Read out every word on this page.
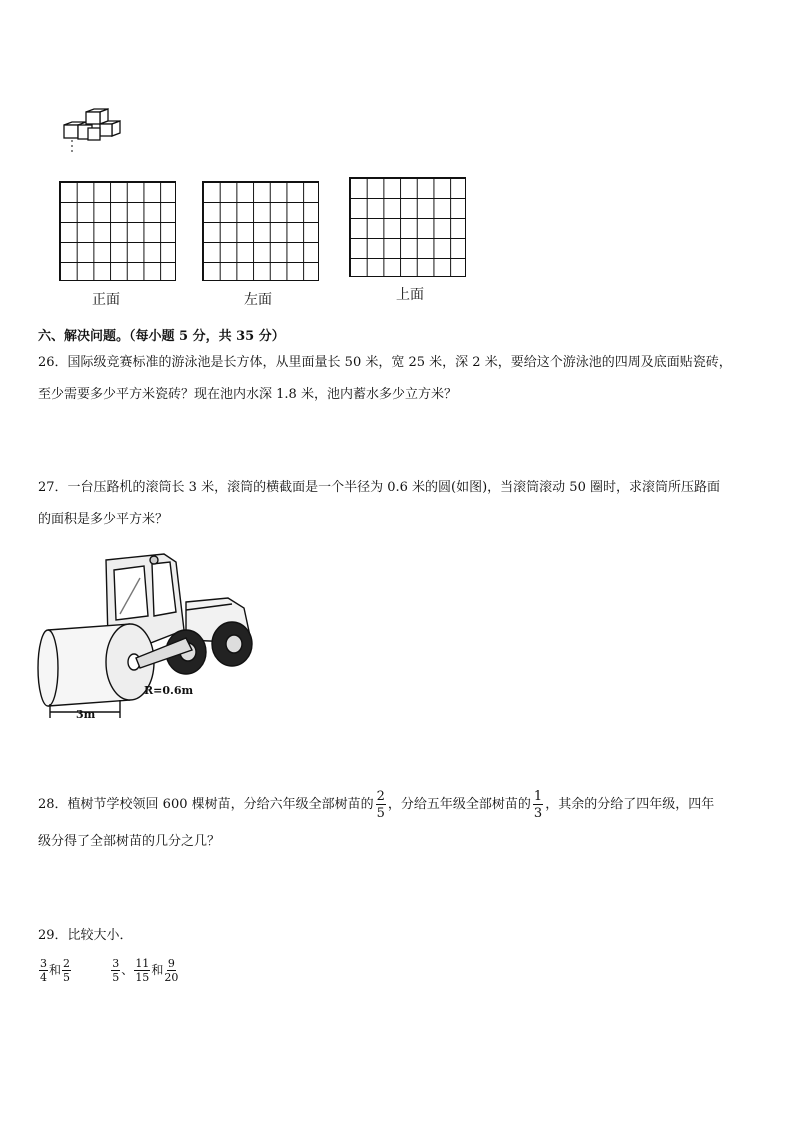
正面	左面	上面
六、解决问题。（每小题 5 分，共 35 分）
26．国际级竞赛标准的游泳池是长方体，从里面量长 50 米，宽 25 米，深 2 米，要给这个游泳池的四周及底面贴瓷砖，
至少需要多少平方米瓷砖？现在池内水深 1.8 米，池内蓄水多少立方米？
27．一台压路机的滚筒长 3 米，滚筒的横截面是一个半径为 0.6 米的圆(如图)，当滚筒滚动 50 圈时，求滚筒所压路面
的面积是多少平方米？
R=0.6m
3m
28．植树节学校领回 600 棵树苗，分给六年级全部树苗的 $\frac{2}{5}$ ，分给五年级全部树苗的 $\frac{1}{3}$ ，其余的分给了四年级，四年
级分得了全部树苗的几分之几？
29．比较大小．
$\frac{3}{4}$ 和 $\frac{2}{5}$
	$\frac{3}{5}$ 、 $\frac{11}{15}$ 和 $\frac{9}{20}$
